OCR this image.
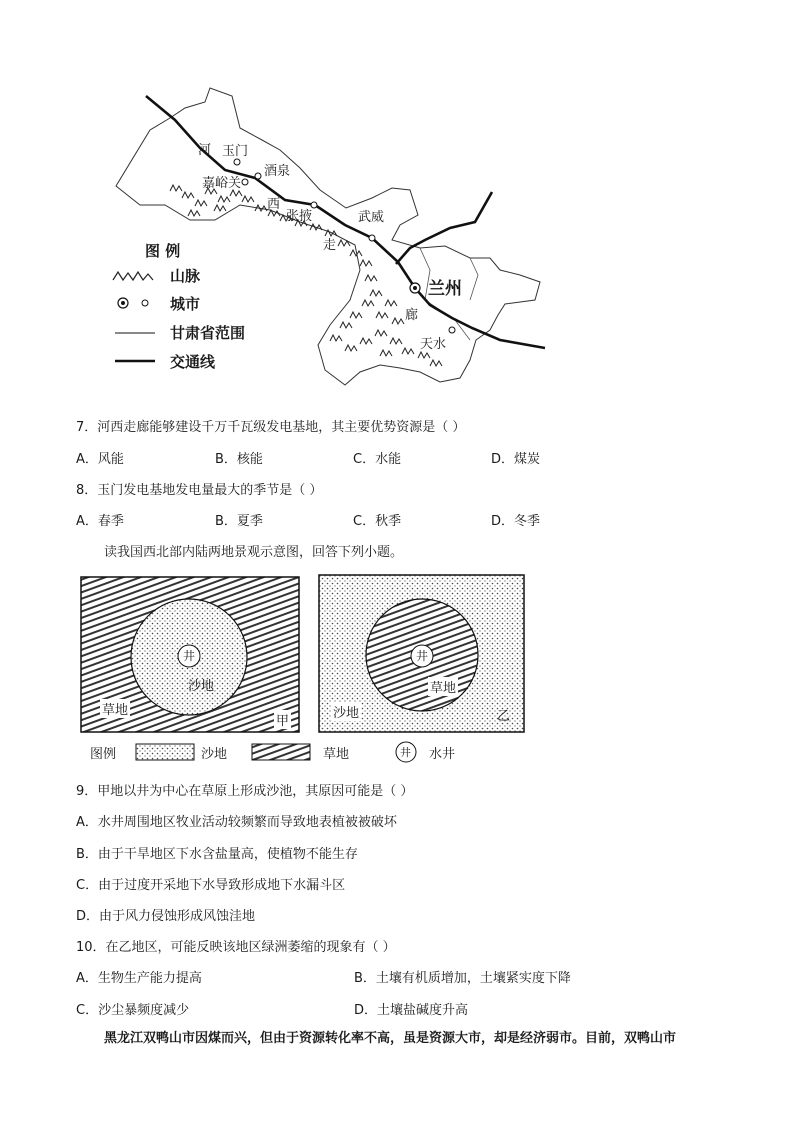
河 玉门
酒泉
嘉峪关
西
张掖	武威
走
兰州
廊
天水
图 例
山脉
城市
甘肃省范围
交通线
7．河西走廊能够建设千万千瓦级发电基地，其主要优势资源是（ ）
A．风能	B．核能	C．水能	D．煤炭
8．玉门发电基地发电量最大的季节是（ ）
A．春季	B．夏季	C．秋季	D．冬季
读我国西北部内陆两地景观示意图，回答下列小题。
井
沙地
草地
甲
井
草地
沙地	乙
图例	沙地	草地	井 水井
9．甲地以井为中心在草原上形成沙池，其原因可能是（ ）
A．水井周围地区牧业活动较频繁而导致地表植被被破坏
B．由于干旱地区下水含盐量高，使植物不能生存
C．由于过度开采地下水导致形成地下水漏斗区
D．由于风力侵蚀形成风蚀洼地
10．在乙地区，可能反映该地区绿洲萎缩的现象有（ ）
A．生物生产能力提高	B．土壤有机质增加，土壤紧实度下降
C．沙尘暴频度减少	D．土壤盐碱度升高
黑龙江双鸭山市因煤而兴，但由于资源转化率不高，虽是资源大市，却是经济弱市。目前，双鸭山市
